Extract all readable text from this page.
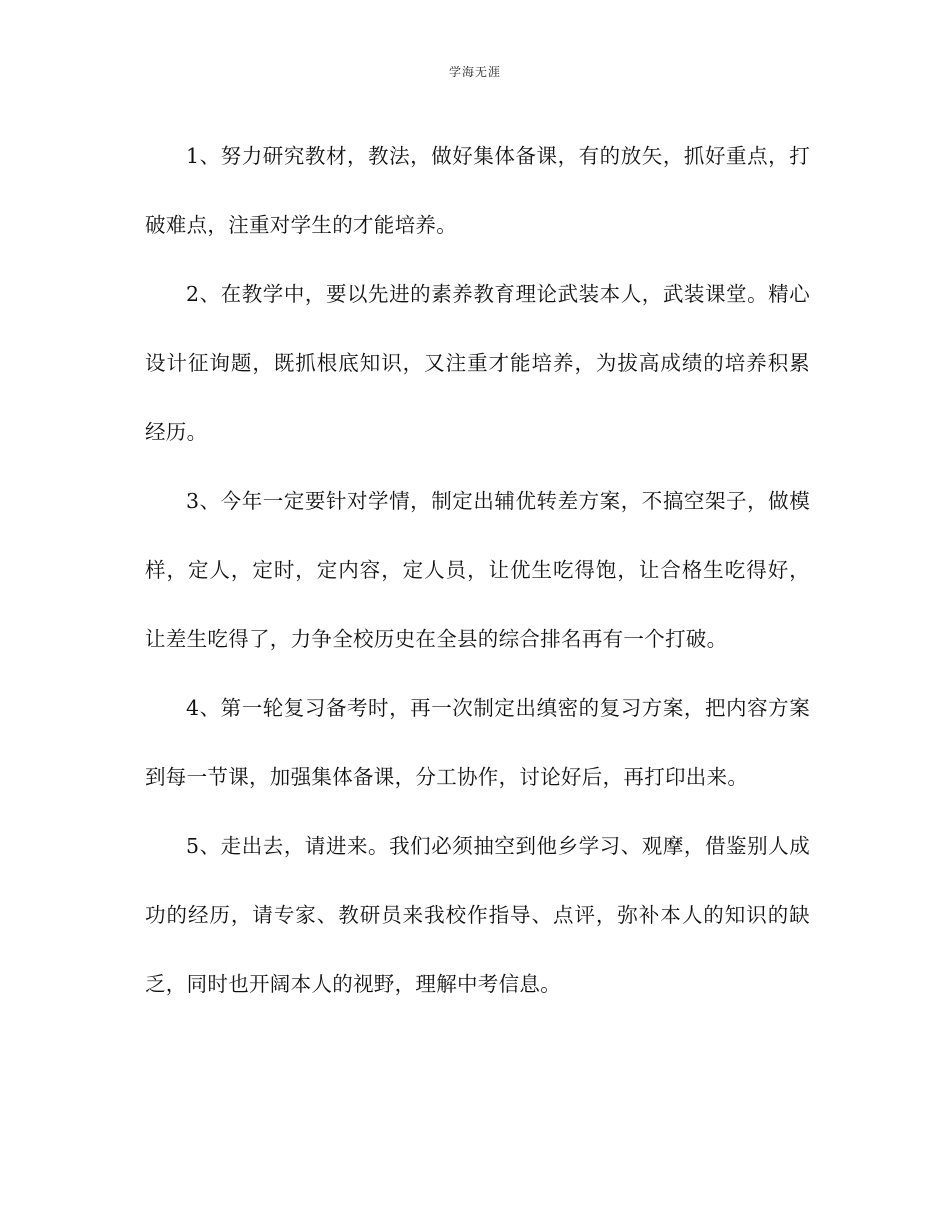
学海无涯

1、努力研究教材，教法，做好集体备课，有的放矢，抓好重点，打破难点，注重对学生的才能培养。

2、在教学中，要以先进的素养教育理论武装本人，武装课堂。精心设计征询题，既抓根底知识，又注重才能培养，为拔高成绩的培养积累经历。

3、今年一定要针对学情，制定出辅优转差方案，不搞空架子，做模样，定人，定时，定内容，定人员，让优生吃得饱，让合格生吃得好，让差生吃得了，力争全校历史在全县的综合排名再有一个打破。

4、第一轮复习备考时，再一次制定出缜密的复习方案，把内容方案到每一节课，加强集体备课，分工协作，讨论好后，再打印出来。

5、走出去，请进来。我们必须抽空到他乡学习、观摩，借鉴别人成功的经历，请专家、教研员来我校作指导、点评，弥补本人的知识的缺乏，同时也开阔本人的视野，理解中考信息。
